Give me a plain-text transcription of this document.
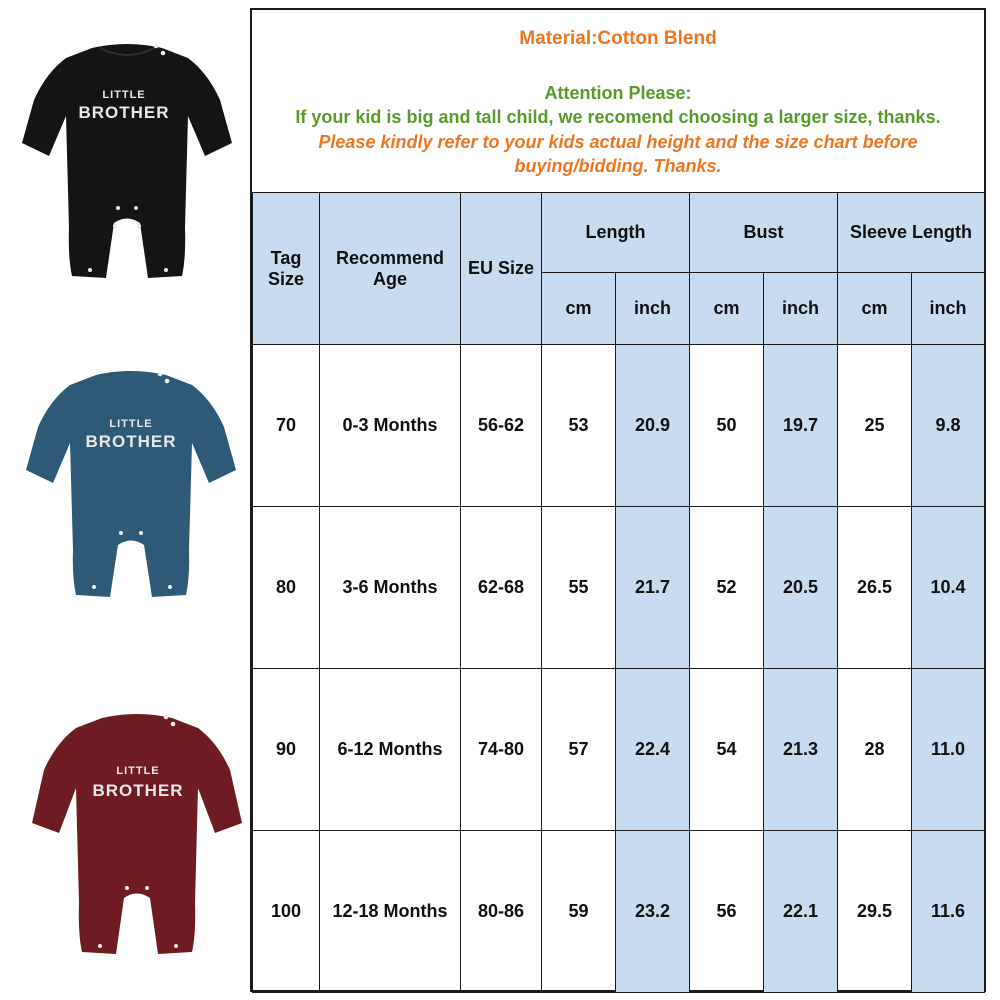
LITTLE
BROTHER
LITTLE
BROTHER
LITTLE
BROTHER
Material:Cotton Blend
Attention Please:
If your kid is big and tall child, we recomend choosing a larger size, thanks.
Please kindly refer to your kids actual height and the size chart before buying/bidding. Thanks.
Tag Size	Recommend Age	EU Size	Length		Bust		Sleeve Length	
			cm	inch	cm	inch	cm	inch
70	0-3 Months	56-62	53	20.9	50	19.7	25	9.8
80	3-6 Months	62-68	55	21.7	52	20.5	26.5	10.4
90	6-12 Months	74-80	57	22.4	54	21.3	28	11.0
100	12-18 Months	80-86	59	23.2	56	22.1	29.5	11.6
